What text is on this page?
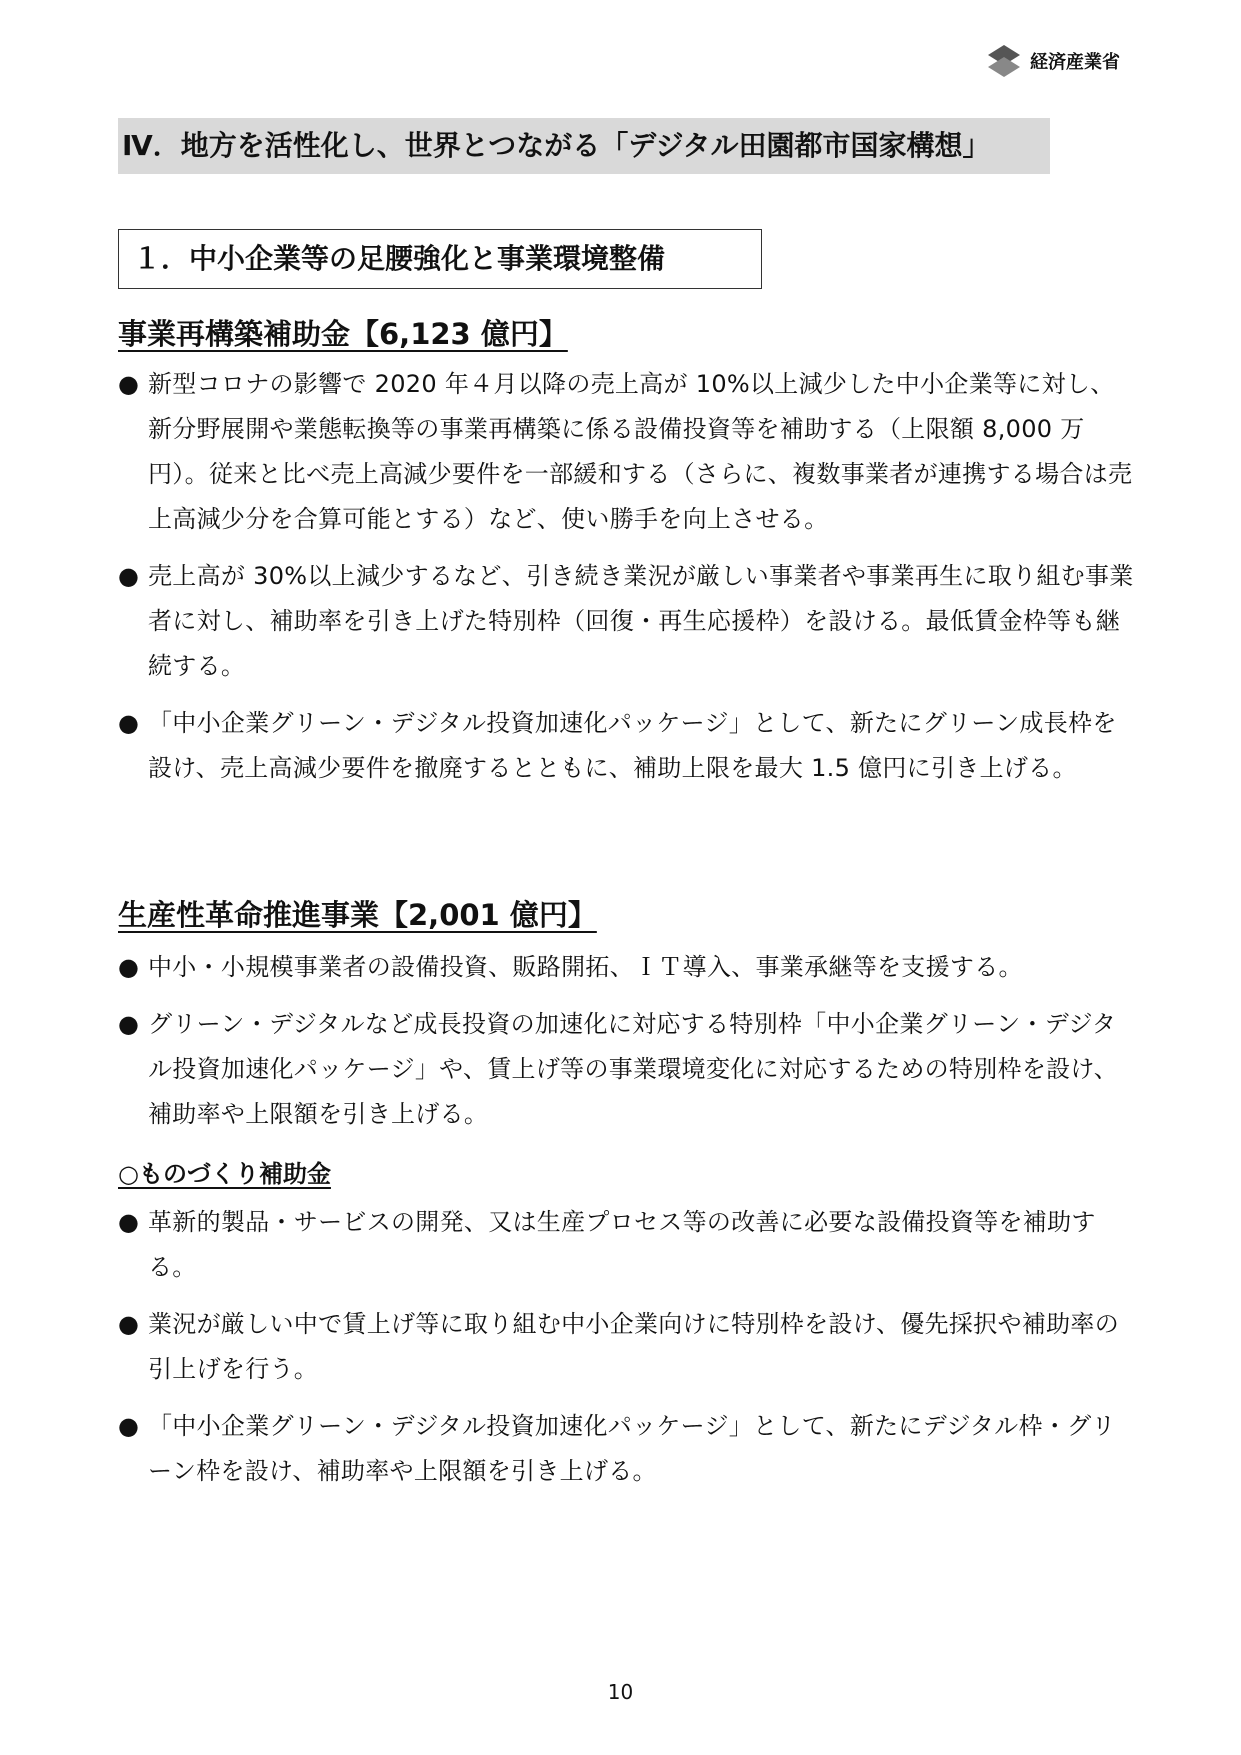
経済産業省
Ⅳ．地方を活性化し、世界とつながる「デジタル田園都市国家構想」
１．中小企業等の足腰強化と事業環境整備
事業再構築補助金【6,123 億円】
● 新型コロナの影響で 2020 年４月以降の売上高が 10%以上減少した中小企業等に対し、新分野展開や業態転換等の事業再構築に係る設備投資等を補助する（上限額 8,000 万円）。従来と比べ売上高減少要件を一部緩和する（さらに、複数事業者が連携する場合は売上高減少分を合算可能とする）など、使い勝手を向上させる。
● 売上高が 30%以上減少するなど、引き続き業況が厳しい事業者や事業再生に取り組む事業者に対し、補助率を引き上げた特別枠（回復・再生応援枠）を設ける。最低賃金枠等も継続する。
● 「中小企業グリーン・デジタル投資加速化パッケージ」として、新たにグリーン成長枠を設け、売上高減少要件を撤廃するとともに、補助上限を最大 1.5 億円に引き上げる。
生産性革命推進事業【2,001 億円】
● 中小・小規模事業者の設備投資、販路開拓、ＩＴ導入、事業承継等を支援する。
● グリーン・デジタルなど成長投資の加速化に対応する特別枠「中小企業グリーン・デジタル投資加速化パッケージ」や、賃上げ等の事業環境変化に対応するための特別枠を設け、補助率や上限額を引き上げる。
○ものづくり補助金
● 革新的製品・サービスの開発、又は生産プロセス等の改善に必要な設備投資等を補助する。
● 業況が厳しい中で賃上げ等に取り組む中小企業向けに特別枠を設け、優先採択や補助率の引上げを行う。
● 「中小企業グリーン・デジタル投資加速化パッケージ」として、新たにデジタル枠・グリーン枠を設け、補助率や上限額を引き上げる。
10
